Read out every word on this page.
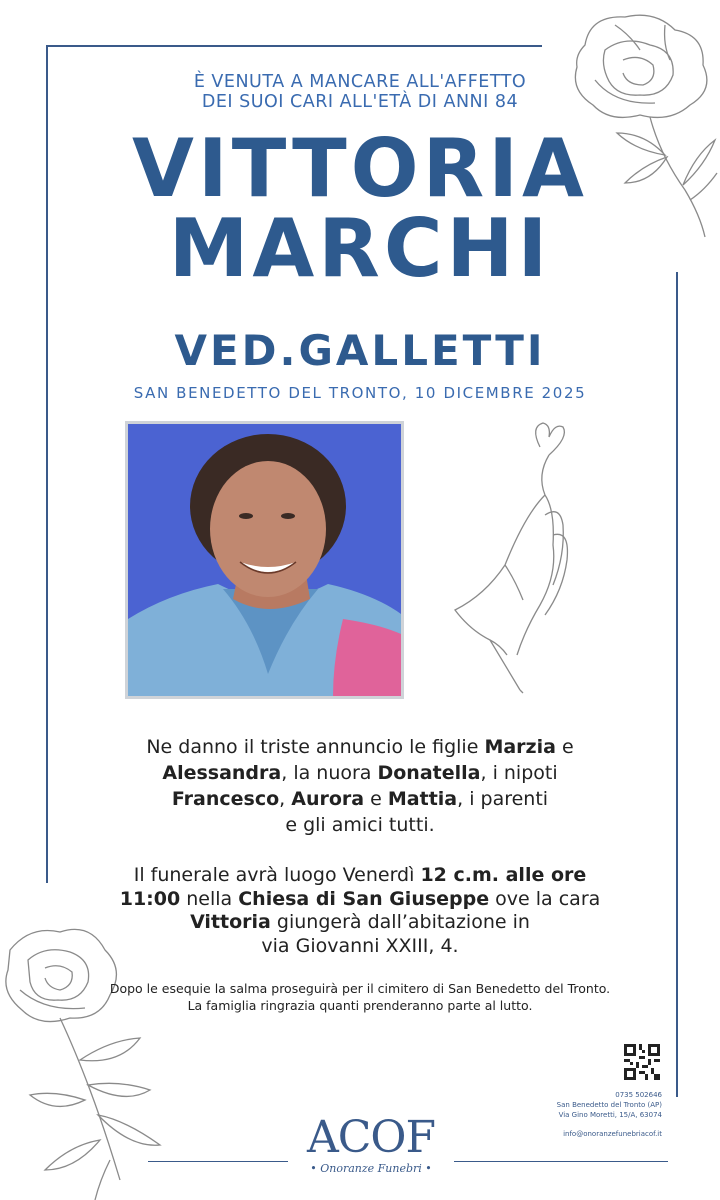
È VENUTA A MANCARE ALL'AFFETTO
DEI SUOI CARI ALL'ETÀ DI ANNI 84
VITTORIA
MARCHI
VED.GALLETTI
SAN BENEDETTO DEL TRONTO, 10 DICEMBRE 2025
Ne danno il triste annuncio le figlie Marzia e
Alessandra, la nuora Donatella, i nipoti
Francesco, Aurora e Mattia, i parenti
e gli amici tutti.
Il funerale avrà luogo Venerdì 12 c.m. alle ore
11:00 nella Chiesa di San Giuseppe ove la cara
Vittoria giungerà dall’abitazione in
via Giovanni XXIII, 4.
Dopo le esequie la salma proseguirà per il cimitero di San Benedetto del Tronto.
La famiglia ringrazia quanti prenderanno parte al lutto.
0735 502646
San Benedetto del Tronto (AP)
Via Gino Moretti, 15/A, 63074
info@onoranzefunebriacof.it
ACOF
• Onoranze Funebri •
